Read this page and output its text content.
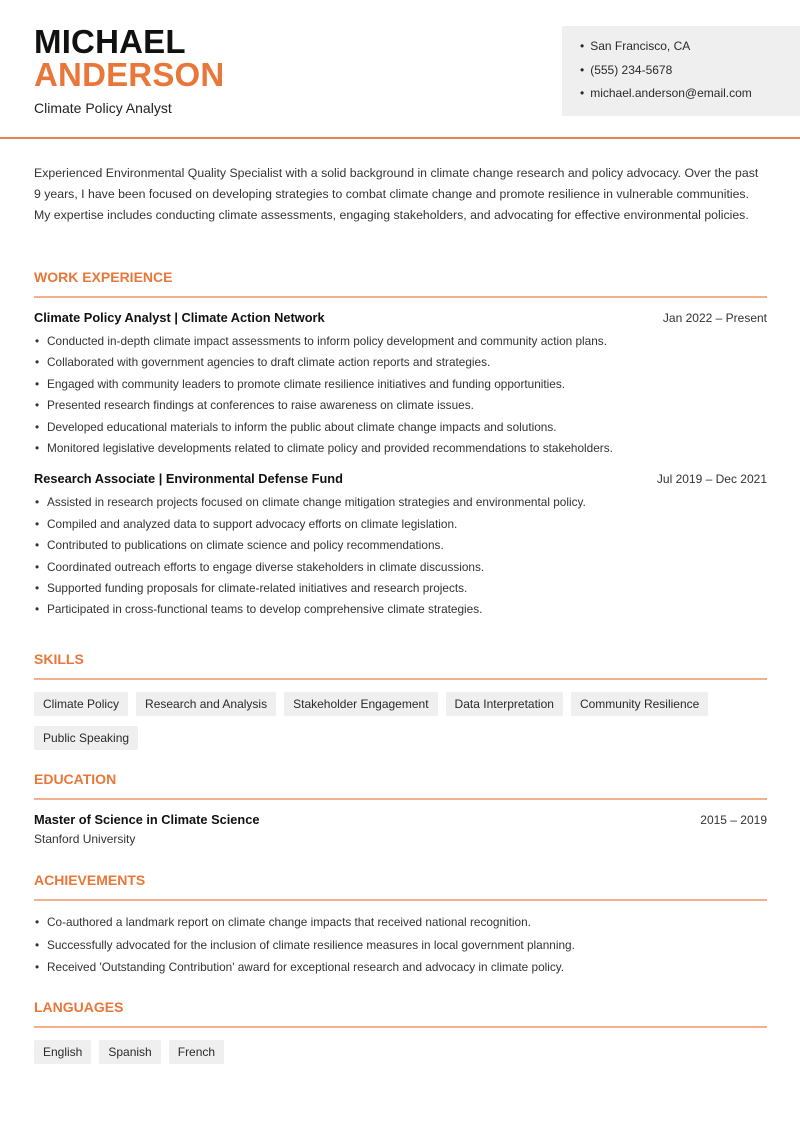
MICHAEL
ANDERSON
Climate Policy Analyst
• San Francisco, CA
• (555) 234-5678
• michael.anderson@email.com

Experienced Environmental Quality Specialist with a solid background in climate change research and policy advocacy. Over the past 9 years, I have been focused on developing strategies to combat climate change and promote resilience in vulnerable communities. My expertise includes conducting climate assessments, engaging stakeholders, and advocating for effective environmental policies.

WORK EXPERIENCE
Climate Policy Analyst | Climate Action Network	Jan 2022 – Present
• Conducted in-depth climate impact assessments to inform policy development and community action plans.
• Collaborated with government agencies to draft climate action reports and strategies.
• Engaged with community leaders to promote climate resilience initiatives and funding opportunities.
• Presented research findings at conferences to raise awareness on climate issues.
• Developed educational materials to inform the public about climate change impacts and solutions.
• Monitored legislative developments related to climate policy and provided recommendations to stakeholders.
Research Associate | Environmental Defense Fund	Jul 2019 – Dec 2021
• Assisted in research projects focused on climate change mitigation strategies and environmental policy.
• Compiled and analyzed data to support advocacy efforts on climate legislation.
• Contributed to publications on climate science and policy recommendations.
• Coordinated outreach efforts to engage diverse stakeholders in climate discussions.
• Supported funding proposals for climate-related initiatives and research projects.
• Participated in cross-functional teams to develop comprehensive climate strategies.
SKILLS
Climate Policy	Research and Analysis	Stakeholder Engagement	Data Interpretation	Community Resilience
Public Speaking
EDUCATION
Master of Science in Climate Science	2015 – 2019
Stanford University
ACHIEVEMENTS
• Co-authored a landmark report on climate change impacts that received national recognition.
• Successfully advocated for the inclusion of climate resilience measures in local government planning.
• Received 'Outstanding Contribution' award for exceptional research and advocacy in climate policy.
LANGUAGES
English	Spanish	French
